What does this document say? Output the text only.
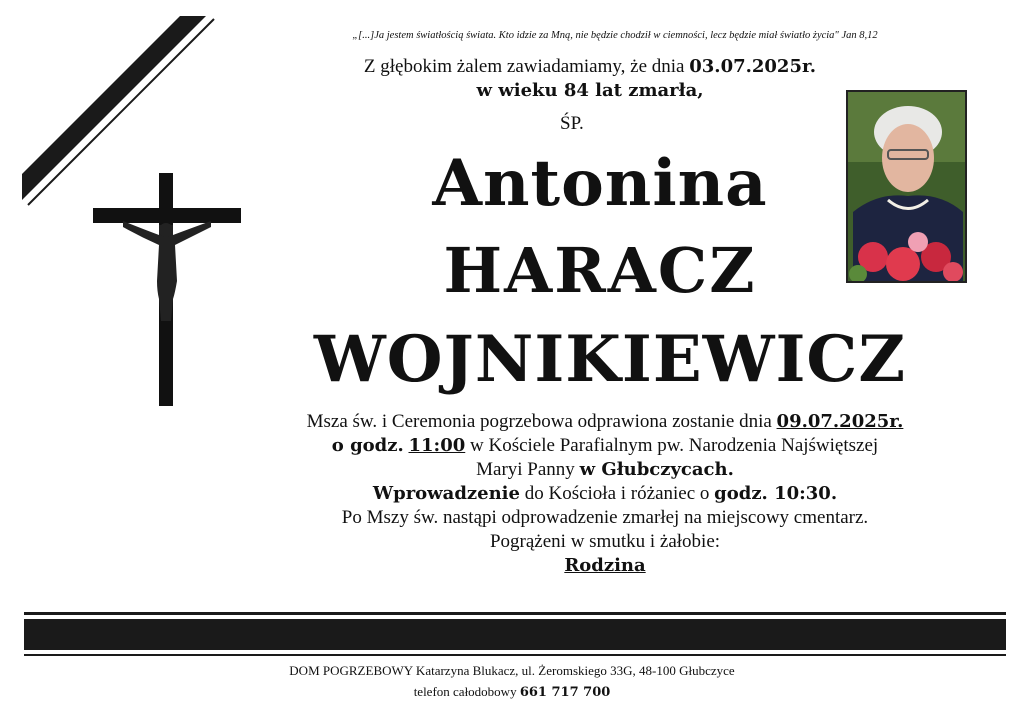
„[...]Ja jestem światłością świata. Kto idzie za Mną, nie będzie chodził w ciemności, lecz będzie miał światło życia" Jan 8,12
Z głębokim żalem zawiadamiamy, że dnia 03.07.2025r.
w wieku 84 lat zmarła,
ŚP.
Antonina
HARACZ
WOJNIKIEWICZ
Msza św. i Ceremonia pogrzebowa odprawiona zostanie dnia 09.07.2025r.
o godz. 11:00 w Kościele Parafialnym pw. Narodzenia Najświętszej
Maryi Panny w Głubczycach.
Wprowadzenie do Kościoła i różaniec o godz. 10:30.
Po Mszy św. nastąpi odprowadzenie zmarłej na miejscowy cmentarz.
Pogrążeni w smutku i żałobie:
Rodzina
DOM POGRZEBOWY Katarzyna Blukacz, ul. Żeromskiego 33G, 48-100 Głubczyce
telefon całodobowy 661 717 700
